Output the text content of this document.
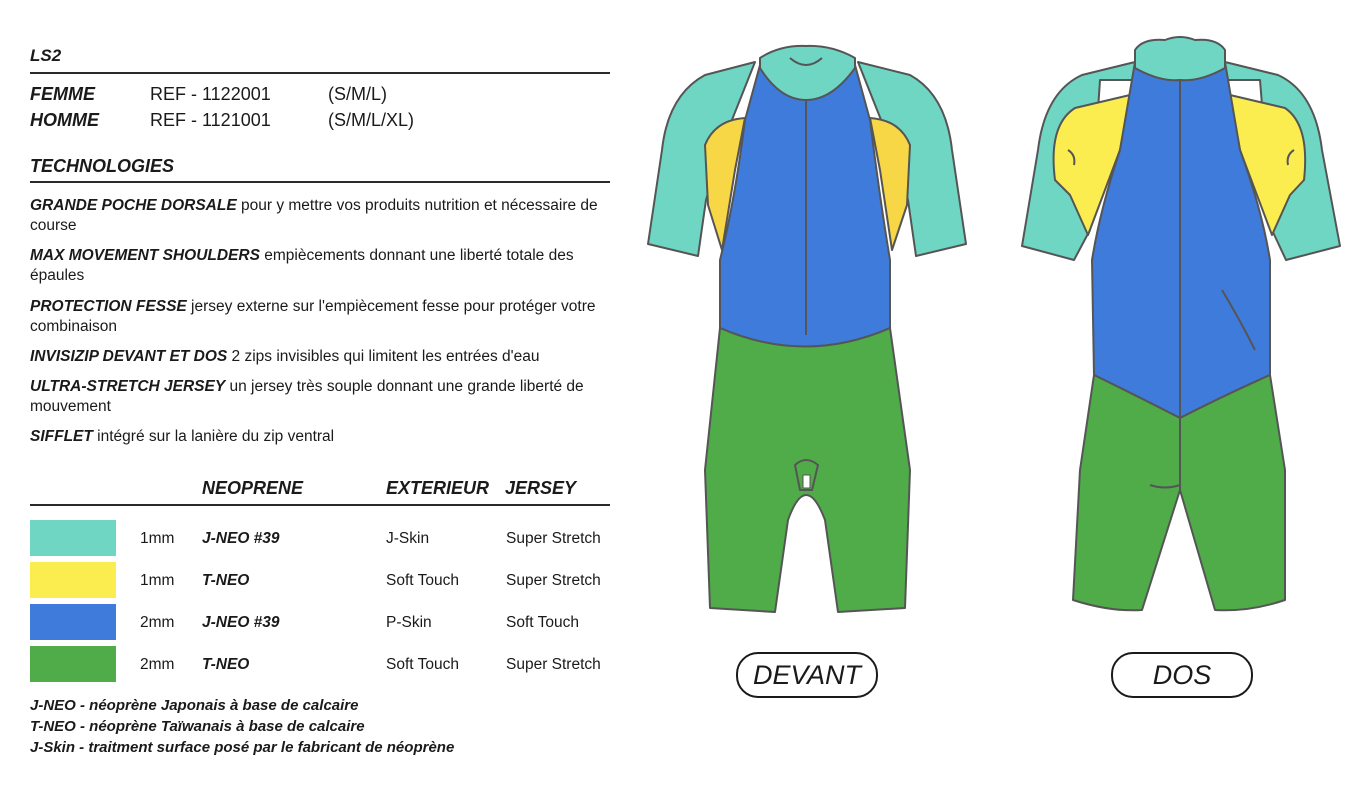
LS2
FEMME	REF - 1122001	(S/M/L)
HOMME	REF - 1121001	(S/M/L/XL)
TECHNOLOGIES
GRANDE POCHE DORSALE pour y mettre vos produits nutrition et nécessaire de course
MAX MOVEMENT SHOULDERS empiècements donnant une liberté totale des épaules
PROTECTION FESSE jersey externe sur l'empiècement fesse pour protéger votre combinaison
INVISIZIP DEVANT ET DOS 2 zips invisibles qui limitent les entrées d'eau
ULTRA-STRETCH JERSEY un jersey très souple donnant une grande liberté de mouvement
SIFFLET intégré sur la lanière du zip ventral
NEOPRENE	EXTERIEUR JERSEY
1mm J-NEO #39	J-Skin	Super Stretch
1mm T-NEO	Soft Touch	Super Stretch
2mm J-NEO #39	P-Skin	Soft Touch
2mm T-NEO	Soft Touch	Super Stretch
J-NEO - néoprène Japonais à base de calcaire
T-NEO - néoprène Taïwanais à base de calcaire
J-Skin - traitment surface posé par le fabricant de néoprène
DEVANT	DOS
